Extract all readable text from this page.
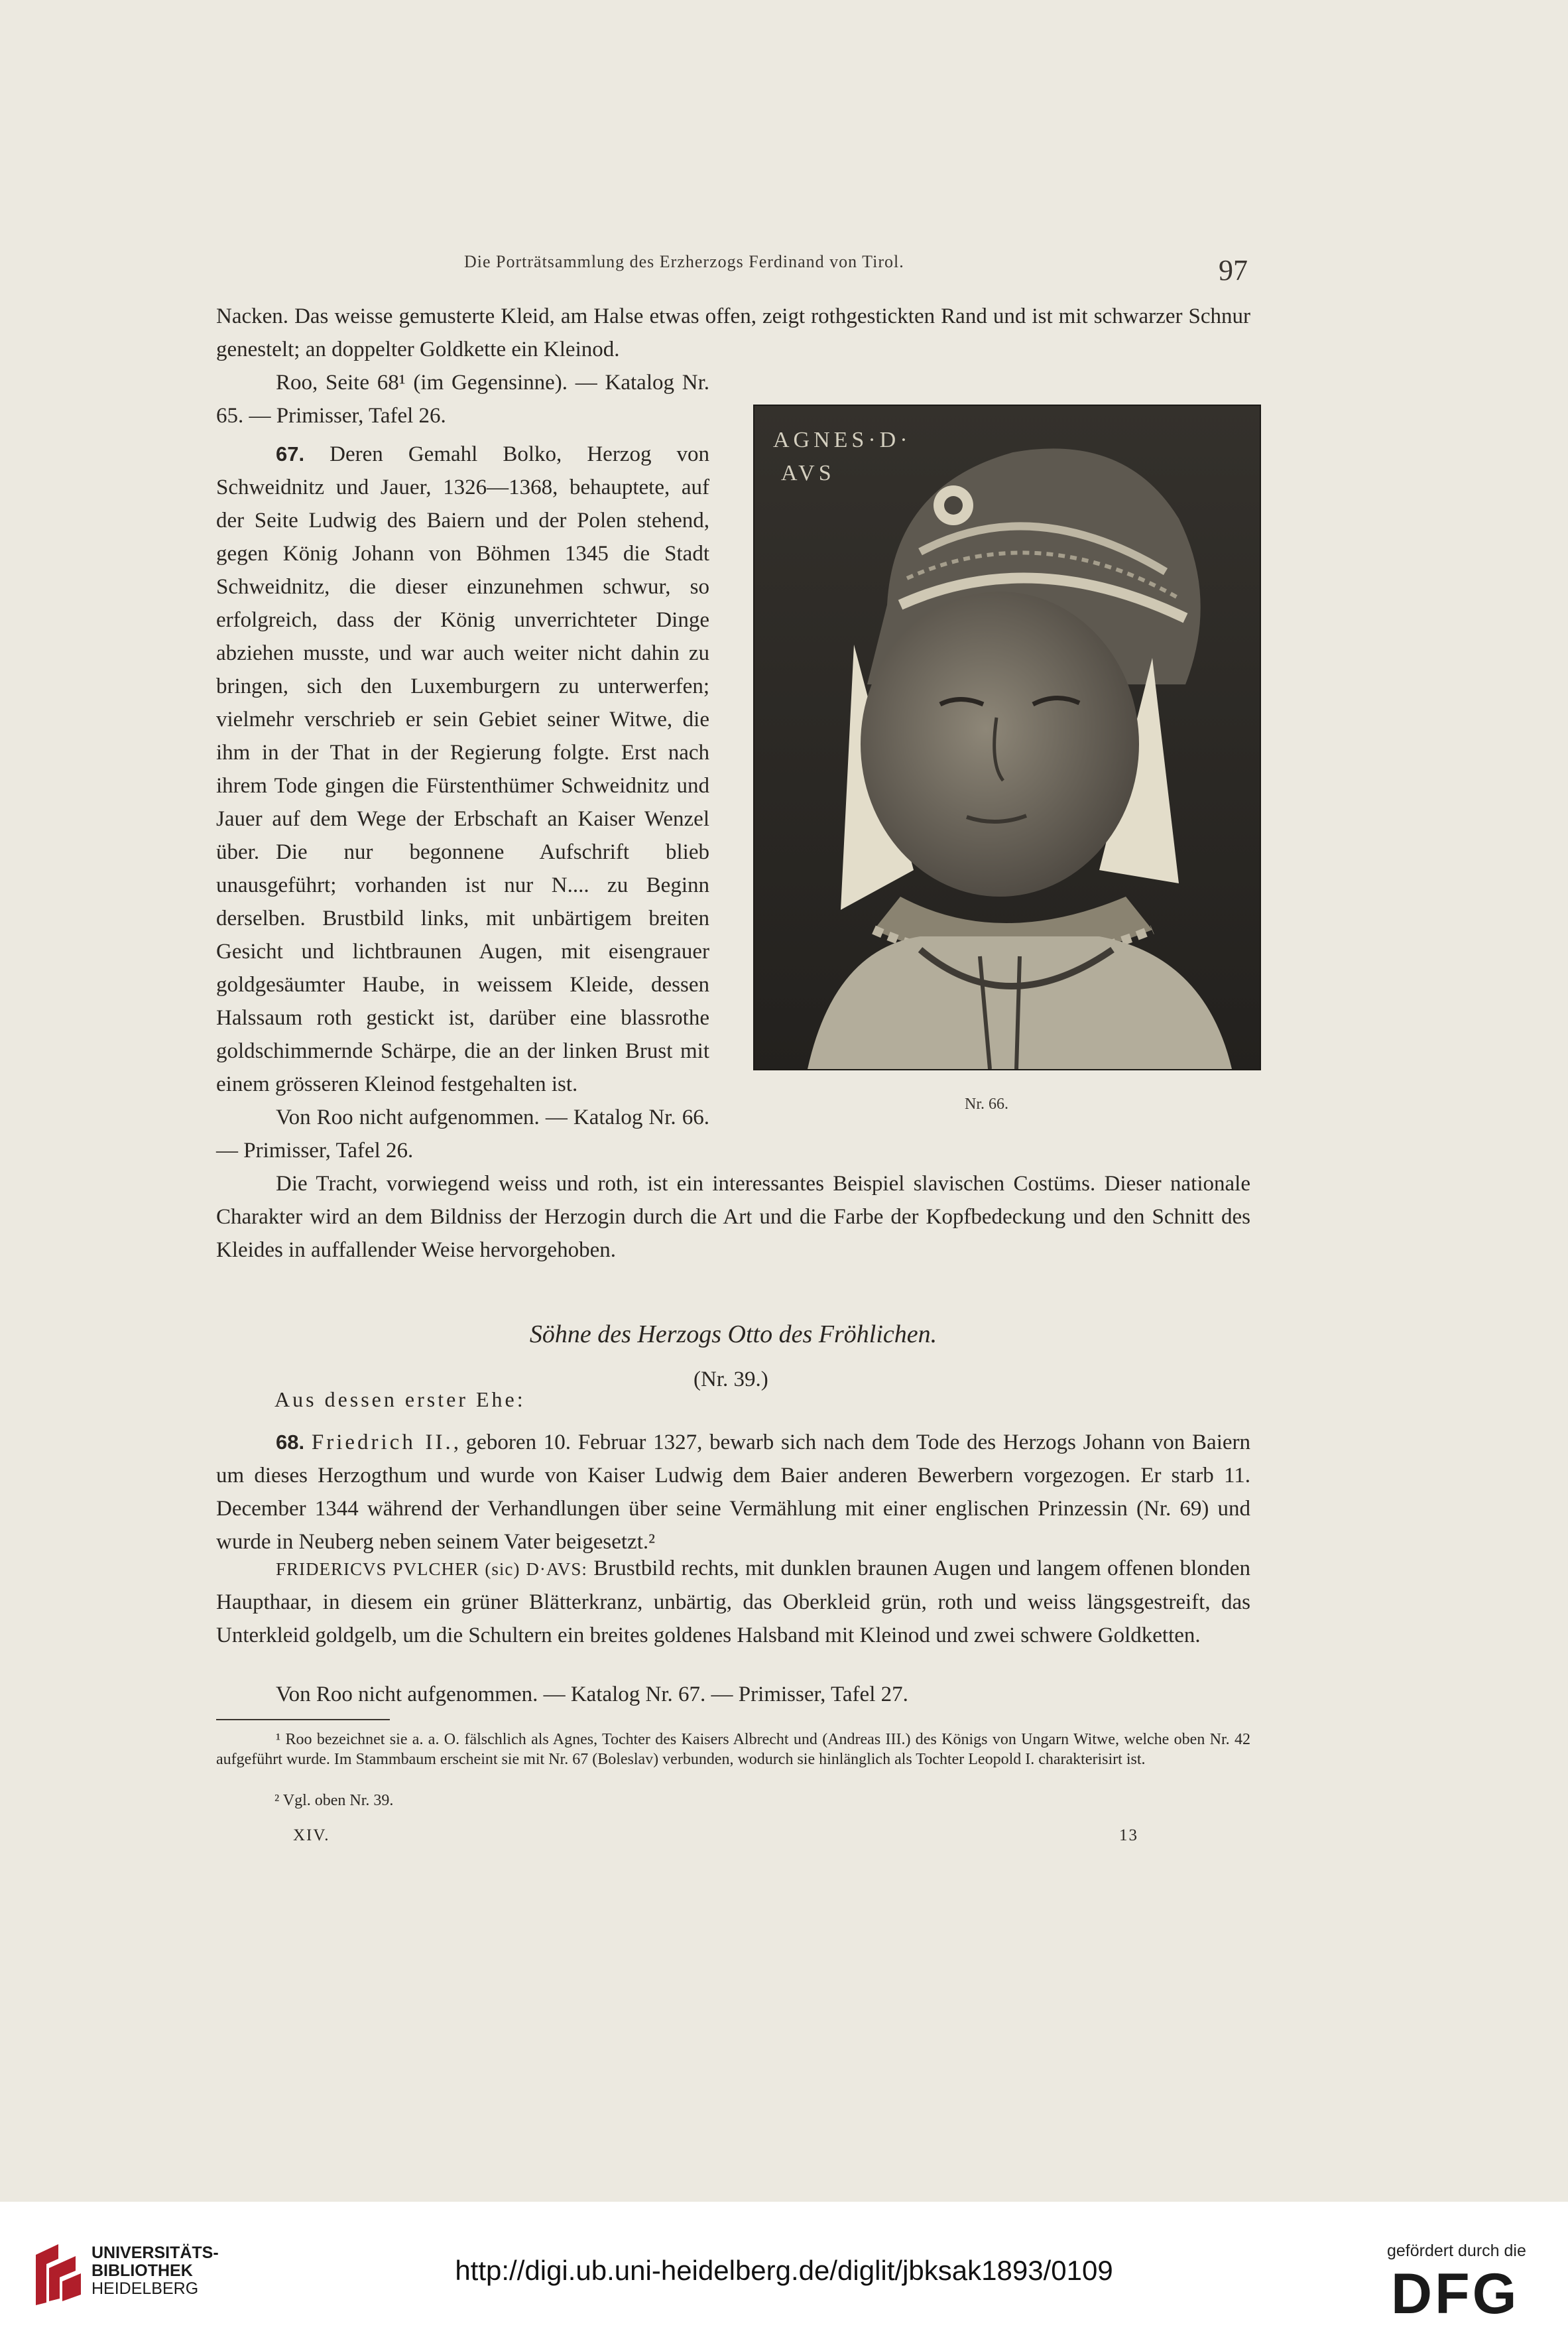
Die Porträtsammlung des Erzherzogs Ferdinand von Tirol.	97

Nacken. Das weisse gemusterte Kleid, am Halse etwas offen, zeigt rothgestickten Rand und ist mit schwarzer Schnur genestelt; an doppelter Goldkette ein Kleinod.

Roo, Seite 68¹ (im Gegensinne). — Katalog Nr. 65. — Primisser, Tafel 26.

67. Deren Gemahl Bolko, Herzog von Schweidnitz und Jauer, 1326—1368, behauptete, auf der Seite Ludwig des Baiern und der Polen stehend, gegen König Johann von Böhmen 1345 die Stadt Schweidnitz, die dieser einzunehmen schwur, so erfolgreich, dass der König unverrichteter Dinge abziehen musste, und war auch weiter nicht dahin zu bringen, sich den Luxemburgern zu unterwerfen; vielmehr verschrieb er sein Gebiet seiner Witwe, die ihm in der That in der Regierung folgte. Erst nach ihrem Tode gingen die Fürstenthümer Schweidnitz und Jauer auf dem Wege der Erbschaft an Kaiser Wenzel über. Die nur begonnene Aufschrift blieb unausgeführt; vorhanden ist nur N.... zu Beginn derselben. Brustbild links, mit unbärtigem breiten Gesicht und lichtbraunen Augen, mit eisengrauer goldgesäumter Haube, in weissem Kleide, dessen Halssaum roth gestickt ist, darüber eine blassrothe goldschimmernde Schärpe, die an der linken Brust mit einem grösseren Kleinod festgehalten ist.

Von Roo nicht aufgenommen. — Katalog Nr. 66. — Primisser, Tafel 26.

Die Tracht, vorwiegend weiss und roth, ist ein interessantes Beispiel slavischen Costüms. Dieser nationale Charakter wird an dem Bildniss der Herzogin durch die Art und die Farbe der Kopfbedeckung und den Schnitt des Kleides in auffallender Weise hervorgehoben.

AGNES·D·
AVS
Nr. 66.
Söhne des Herzogs Otto des Fröhlichen.
(Nr. 39.)
Aus dessen erster Ehe:

68. Friedrich II., geboren 10. Februar 1327, bewarb sich nach dem Tode des Herzogs Johann von Baiern um dieses Herzogthum und wurde von Kaiser Ludwig dem Baier anderen Bewerbern vorgezogen. Er starb 11. December 1344 während der Verhandlungen über seine Vermählung mit einer englischen Prinzessin (Nr. 69) und wurde in Neuberg neben seinem Vater beigesetzt.²

FRIDERICVS PVLCHER (sic) D·AVS: Brustbild rechts, mit dunklen braunen Augen und langem offenen blonden Haupthaar, in diesem ein grüner Blätterkranz, unbärtig, das Oberkleid grün, roth und weiss längsgestreift, das Unterkleid goldgelb, um die Schultern ein breites goldenes Halsband mit Kleinod und zwei schwere Goldketten.

Von Roo nicht aufgenommen. — Katalog Nr. 67. — Primisser, Tafel 27.

¹ Roo bezeichnet sie a. a. O. fälschlich als Agnes, Tochter des Kaisers Albrecht und (Andreas III.) des Königs von Ungarn Witwe, welche oben Nr. 42 aufgeführt wurde. Im Stammbaum erscheint sie mit Nr. 67 (Boleslav) verbunden, wodurch sie hinlänglich als Tochter Leopold I. charakterisirt ist.

² Vgl. oben Nr. 39.

XIV.	13
UNIVERSITÄTS-
BIBLIOTHEK
HEIDELBERG
http://digi.ub.uni-heidelberg.de/diglit/jbksak1893/0109
gefördert durch die
DFG
